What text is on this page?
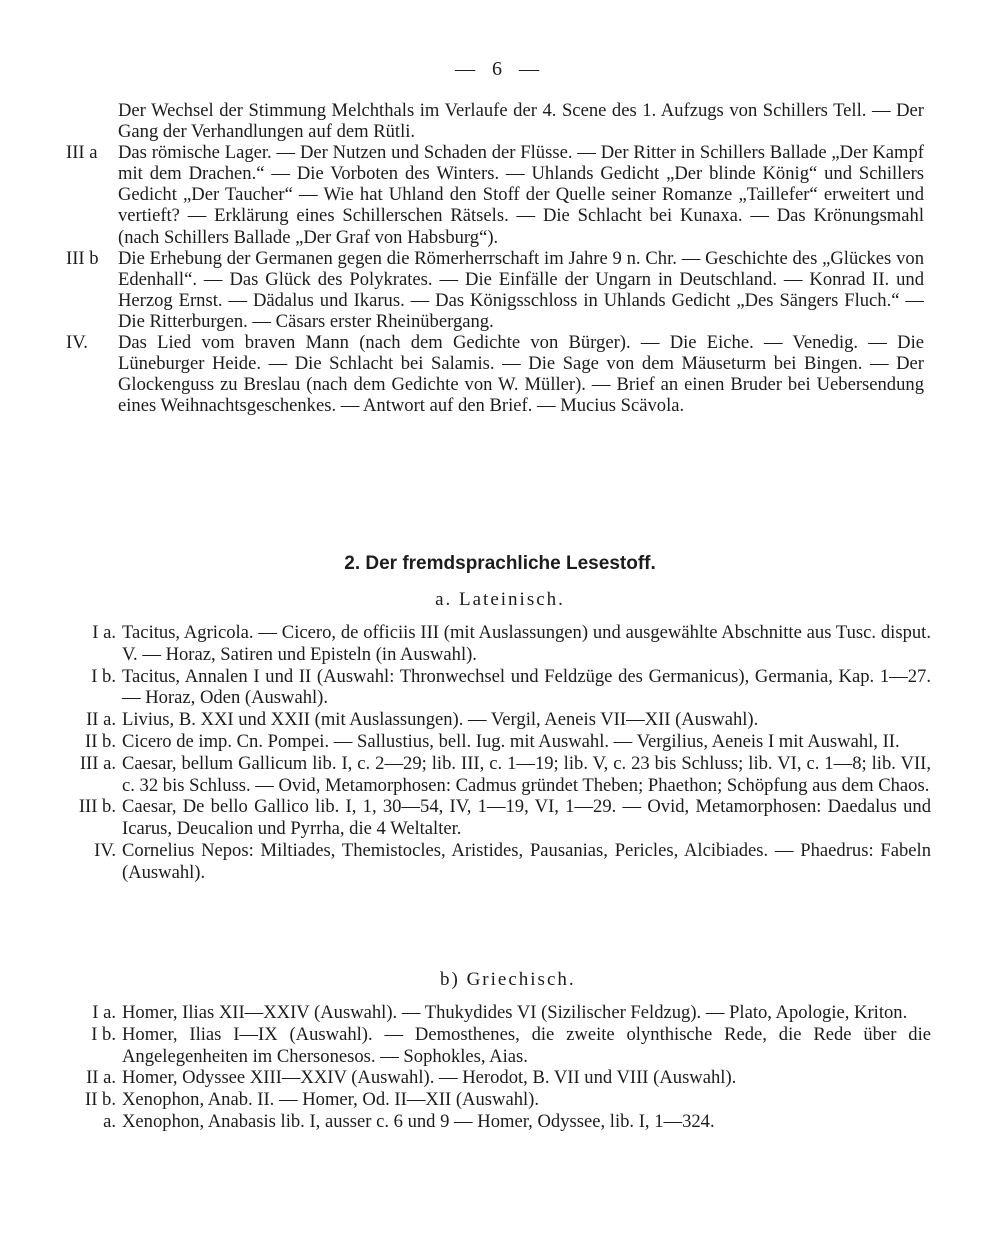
— 6 —
Der Wechsel der Stimmung Melchthals im Verlaufe der 4. Scene des 1. Aufzugs von Schillers Tell. — Der Gang der Verhandlungen auf dem Rütli.
III a	Das römische Lager. — Der Nutzen und Schaden der Flüsse. — Der Ritter in Schillers Ballade „Der Kampf mit dem Drachen.“ — Die Vorboten des Winters. — Uhlands Gedicht „Der blinde König“ und Schillers Gedicht „Der Taucher“ — Wie hat Uhland den Stoff der Quelle seiner Romanze „Taillefer“ erweitert und vertieft? — Erklärung eines Schillerschen Rätsels. — Die Schlacht bei Kunaxa. — Das Krönungsmahl (nach Schillers Ballade „Der Graf von Habsburg“).
III b	Die Erhebung der Germanen gegen die Römerherrschaft im Jahre 9 n. Chr. — Geschichte des „Glückes von Edenhall“. — Das Glück des Polykrates. — Die Einfälle der Ungarn in Deutschland. — Konrad II. und Herzog Ernst. — Dädalus und Ikarus. — Das Königsschloss in Uhlands Gedicht „Des Sängers Fluch.“ — Die Ritterburgen. — Cäsars erster Rheinübergang.
IV.	Das Lied vom braven Mann (nach dem Gedichte von Bürger). — Die Eiche. — Venedig. — Die Lüneburger Heide. — Die Schlacht bei Salamis. — Die Sage von dem Mäuseturm bei Bingen. — Der Glockenguss zu Breslau (nach dem Gedichte von W. Müller). — Brief an einen Bruder bei Uebersendung eines Weihnachtsgeschenkes. — Antwort auf den Brief. — Mucius Scävola.
2. Der fremdsprachliche Lesestoff.
a. Lateinisch.
I a. Tacitus, Agricola. — Cicero, de officiis III (mit Auslassungen) und ausgewählte Abschnitte aus Tusc. disput. V. — Horaz, Satiren und Episteln (in Auswahl).
I b. Tacitus, Annalen I und II (Auswahl: Thronwechsel und Feldzüge des Germanicus), Germania, Kap. 1—27. — Horaz, Oden (Auswahl).
II a. Livius, B. XXI und XXII (mit Auslassungen). — Vergil, Aeneis VII—XII (Auswahl).
II b. Cicero de imp. Cn. Pompei. — Sallustius, bell. Iug. mit Auswahl. — Vergilius, Aeneis I mit Auswahl, II.
III a. Caesar, bellum Gallicum lib. I, c. 2—29; lib. III, c. 1—19; lib. V, c. 23 bis Schluss; lib. VI, c. 1—8; lib. VII, c. 32 bis Schluss. — Ovid, Metamorphosen: Cadmus gründet Theben; Phaethon; Schöpfung aus dem Chaos.
III b. Caesar, De bello Gallico lib. I, 1, 30—54, IV, 1—19, VI, 1—29. — Ovid, Metamorphosen: Daedalus und Icarus, Deucalion und Pyrrha, die 4 Weltalter.
IV. Cornelius Nepos: Miltiades, Themistocles, Aristides, Pausanias, Pericles, Alcibiades. — Phaedrus: Fabeln (Auswahl).
b) Griechisch.
I a. Homer, Ilias XII—XXIV (Auswahl). — Thukydides VI (Sizilischer Feldzug). — Plato, Apologie, Kriton.
I b. Homer, Ilias I—IX (Auswahl). — Demosthenes, die zweite olynthische Rede, die Rede über die Angelegenheiten im Chersonesos. — Sophokles, Aias.
II a. Homer, Odyssee XIII—XXIV (Auswahl). — Herodot, B. VII und VIII (Auswahl).
II b. Xenophon, Anab. II. — Homer, Od. II—XII (Auswahl).
a. Xenophon, Anabasis lib. I, ausser c. 6 und 9 — Homer, Odyssee, lib. I, 1—324.
